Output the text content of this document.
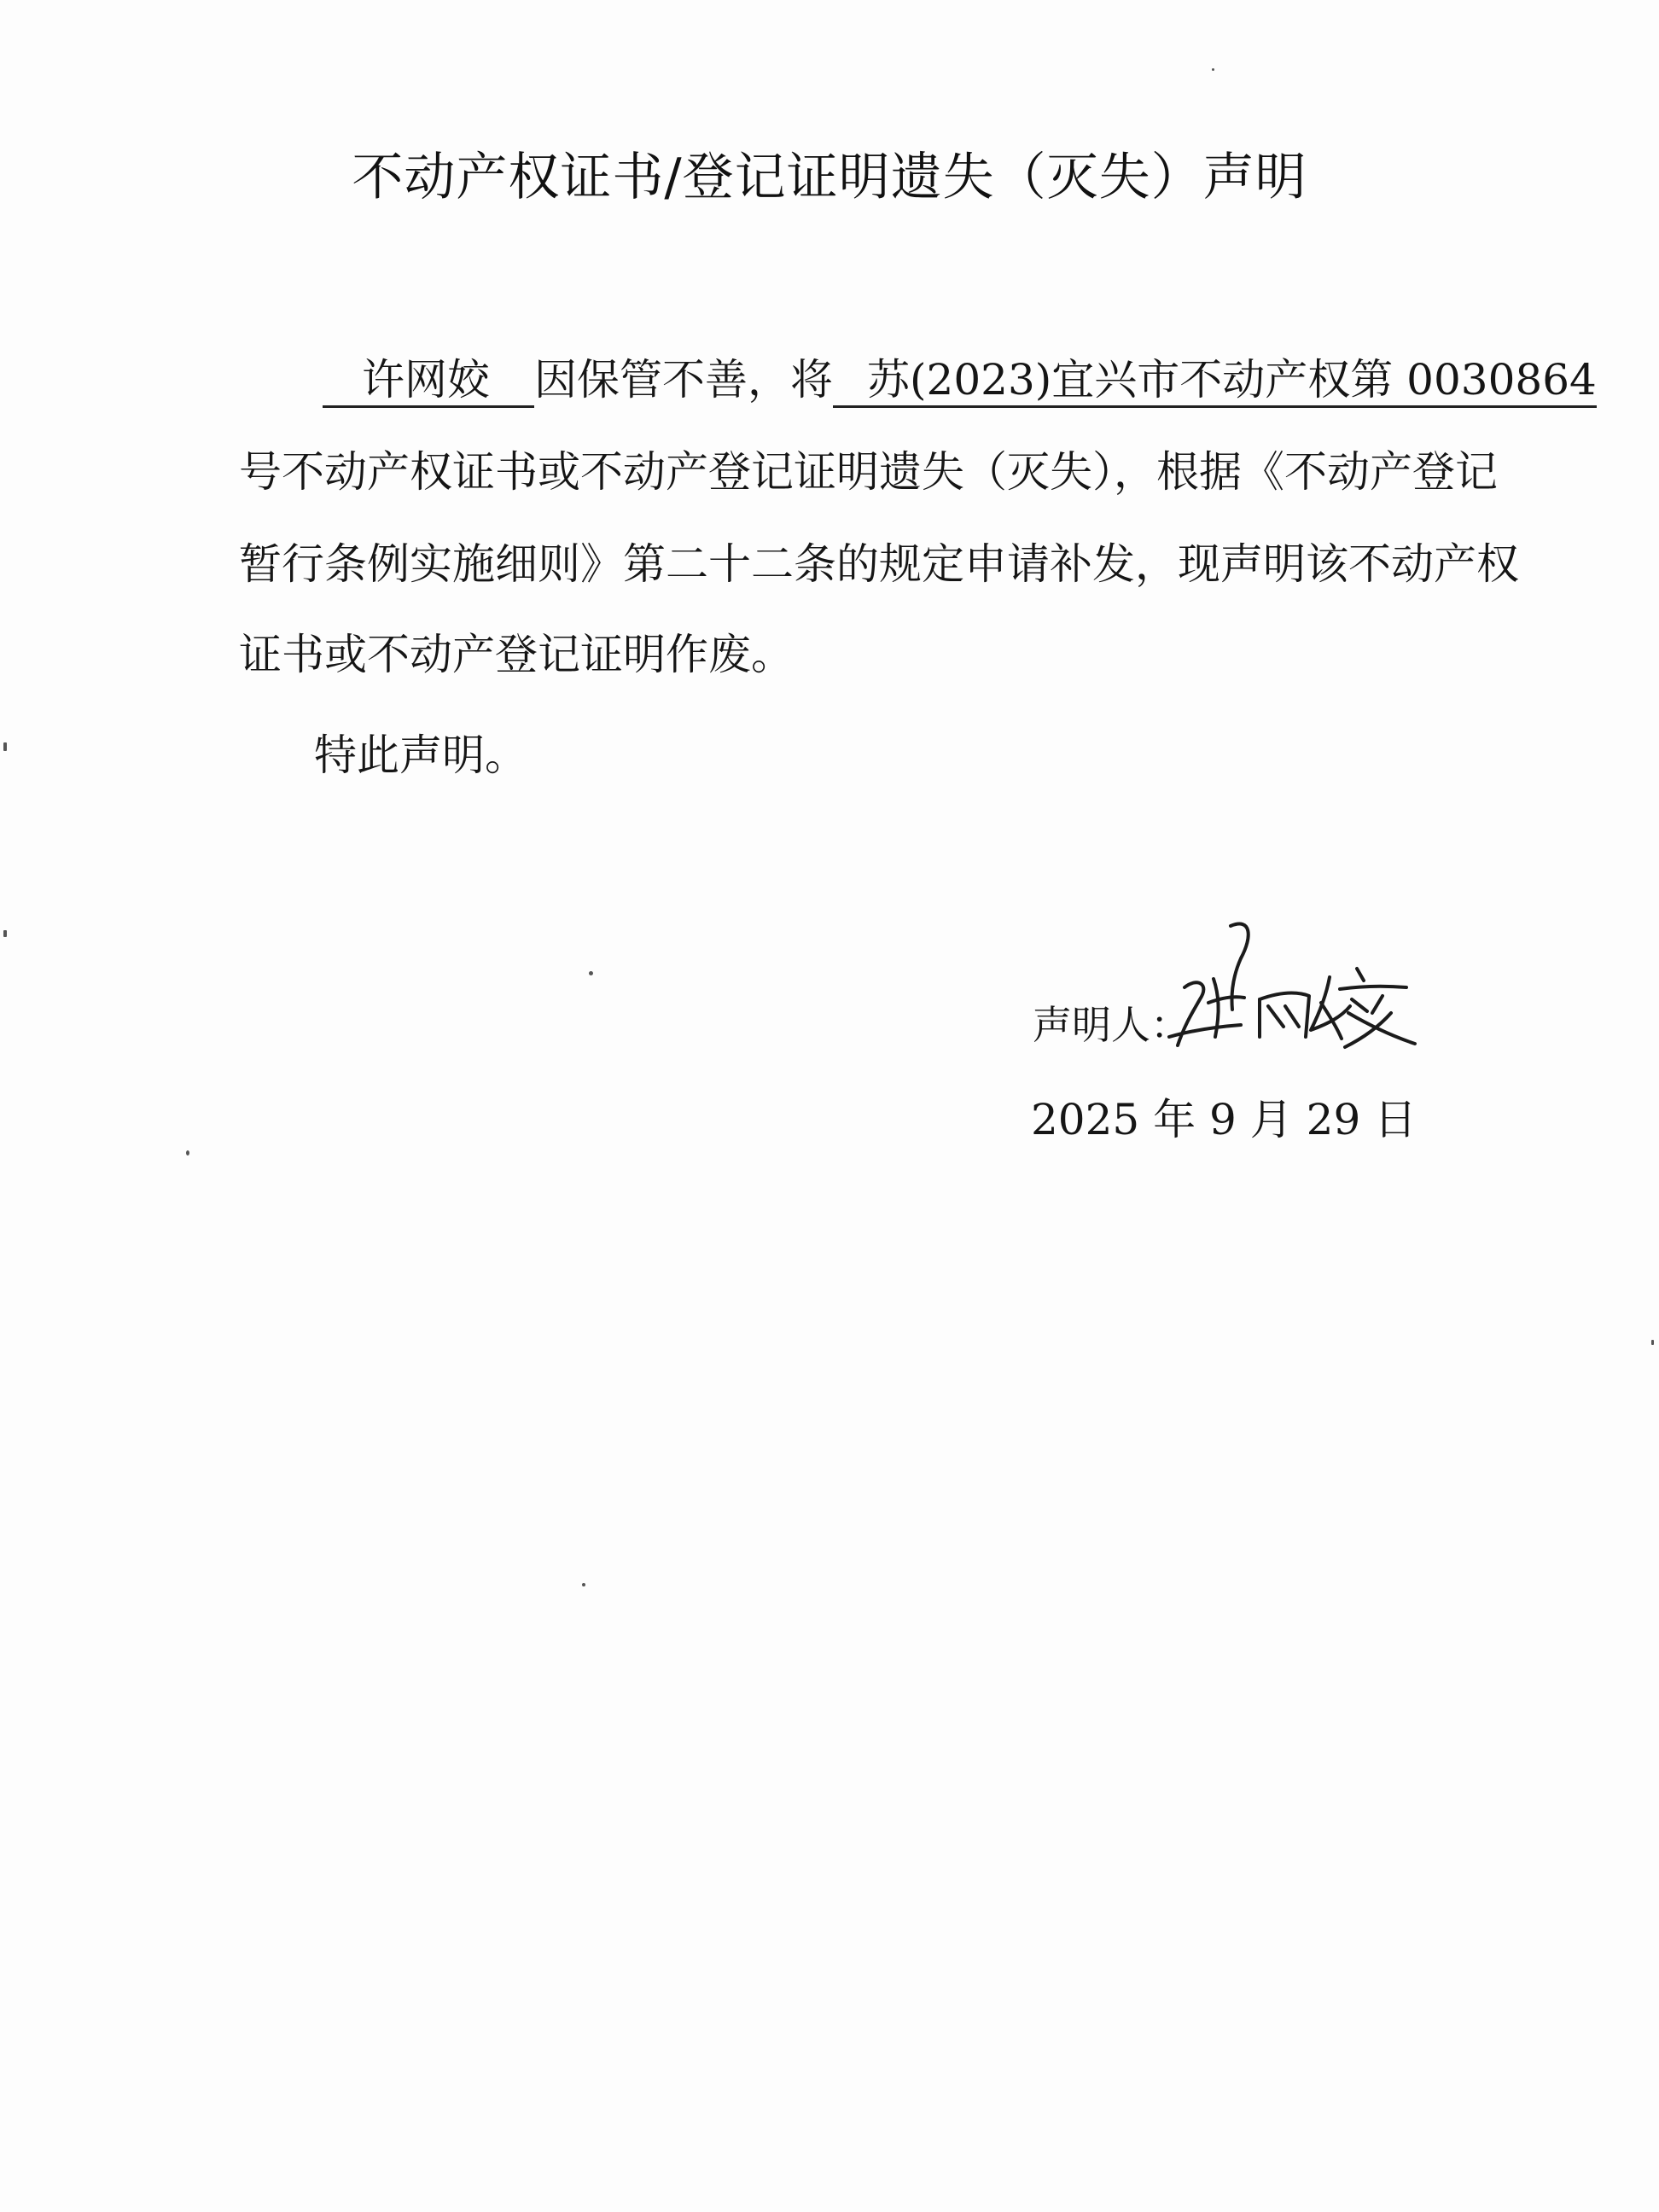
不动产权证书/登记证明遗失（灭失）声明
许网姣 因保管不善，将 苏(2023)宜兴市不动产权第 0030864
号不动产权证书或不动产登记证明遗失（灭失），根据《不动产登记
暂行条例实施细则》第二十二条的规定申请补发，现声明该不动产权
证书或不动产登记证明作废。
特此声明。
声明人：
2025 年 9 月 29 日
